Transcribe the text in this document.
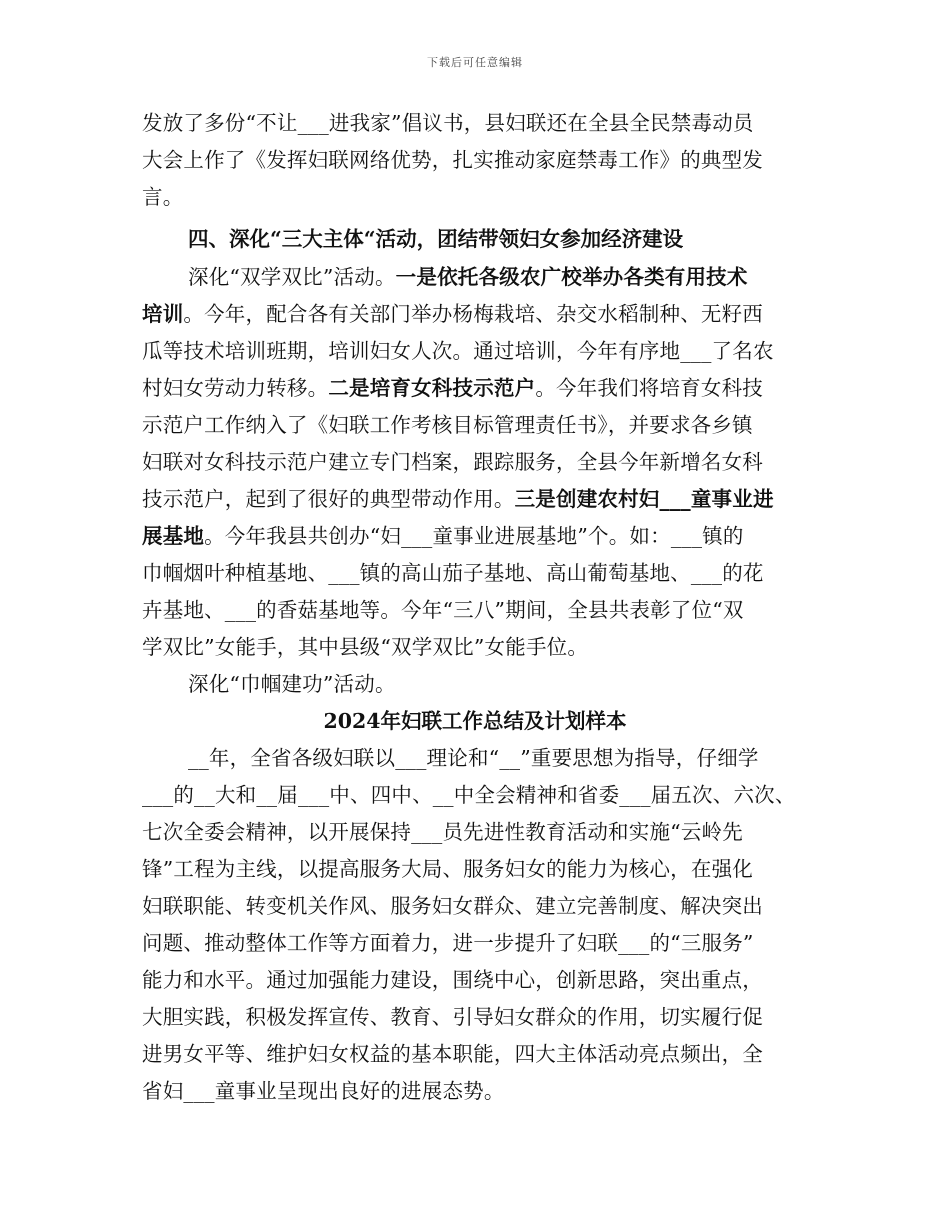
下载后可任意编辑
发放了多份“不让___进我家”倡议书，县妇联还在全县全民禁毒动员
大会上作了《发挥妇联网络优势，扎实推动家庭禁毒工作》的典型发
言。
四、深化“三大主体“活动，团结带领妇女参加经济建设
深化“双学双比”活动。一是依托各级农广校举办各类有用技术
培训。今年，配合各有关部门举办杨梅栽培、杂交水稻制种、无籽西
瓜等技术培训班期，培训妇女人次。通过培训，今年有序地___了名农
村妇女劳动力转移。二是培育女科技示范户。今年我们将培育女科技
示范户工作纳入了《妇联工作考核目标管理责任书》，并要求各乡镇
妇联对女科技示范户建立专门档案，跟踪服务，全县今年新增名女科
技示范户，起到了很好的典型带动作用。三是创建农村妇___童事业进
展基地。今年我县共创办“妇___童事业进展基地”个。如：___镇的
巾帼烟叶种植基地、___镇的高山茄子基地、高山葡萄基地、___的花
卉基地、___的香菇基地等。今年“三八”期间，全县共表彰了位“双
学双比”女能手，其中县级“双学双比”女能手位。
深化“巾帼建功”活动。
2024年妇联工作总结及计划样本
__年，全省各级妇联以___理论和“__”重要思想为指导，仔细学
___的__大和__届___中、四中、__中全会精神和省委___届五次、六次、
七次全委会精神，以开展保持___员先进性教育活动和实施“云岭先
锋”工程为主线，以提高服务大局、服务妇女的能力为核心，在强化
妇联职能、转变机关作风、服务妇女群众、建立完善制度、解决突出
问题、推动整体工作等方面着力，进一步提升了妇联___的“三服务”
能力和水平。通过加强能力建设，围绕中心，创新思路，突出重点，
大胆实践，积极发挥宣传、教育、引导妇女群众的作用，切实履行促
进男女平等、维护妇女权益的基本职能，四大主体活动亮点频出，全
省妇___童事业呈现出良好的进展态势。
